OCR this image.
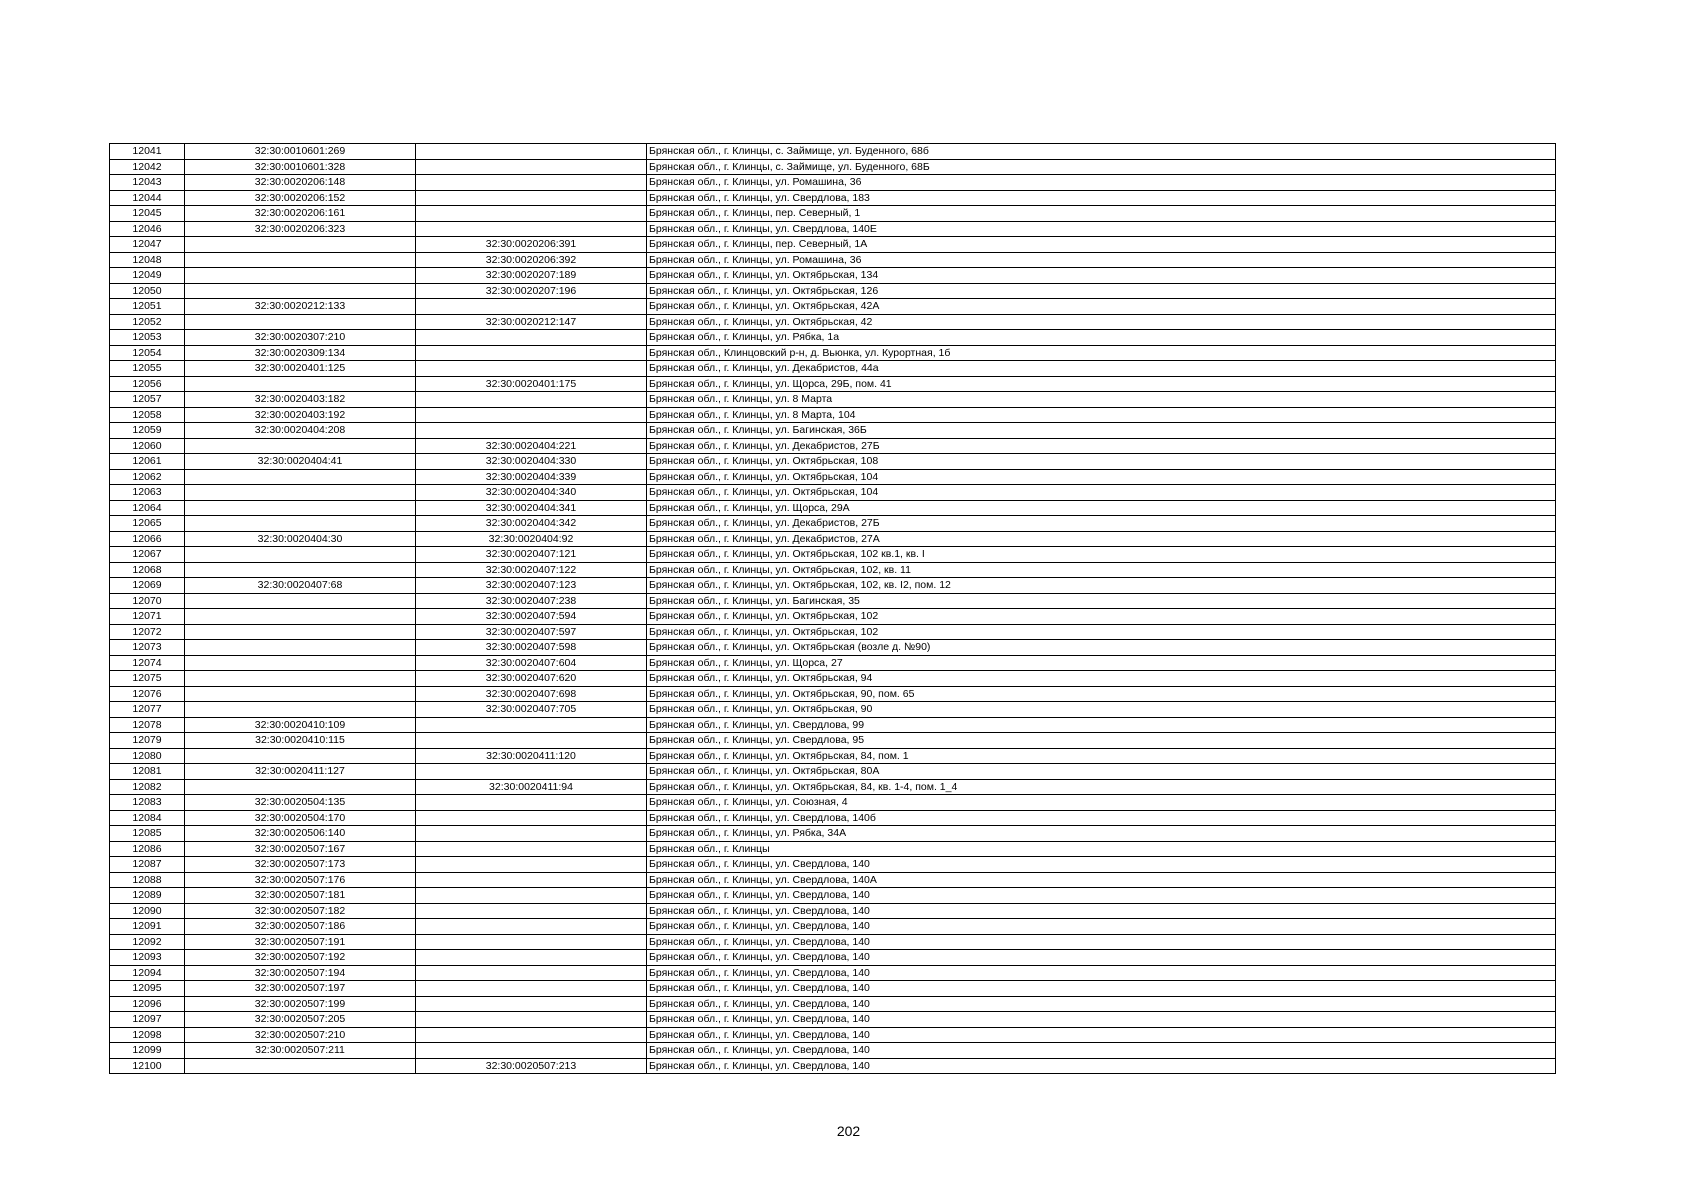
12041	32:30:0010601:269		Брянская обл., г. Клинцы, с. Займище, ул. Буденного, 68б
12042	32:30:0010601:328		Брянская обл., г. Клинцы, с. Займище, ул. Буденного, 68Б
12043	32:30:0020206:148		Брянская обл., г. Клинцы, ул. Ромашина, 36
12044	32:30:0020206:152		Брянская обл., г. Клинцы, ул. Свердлова, 183
12045	32:30:0020206:161		Брянская обл., г. Клинцы, пер. Северный, 1
12046	32:30:0020206:323		Брянская обл., г. Клинцы, ул. Свердлова, 140Е
12047		32:30:0020206:391	Брянская обл., г. Клинцы, пер. Северный, 1А
12048		32:30:0020206:392	Брянская обл., г. Клинцы, ул. Ромашина, 36
12049		32:30:0020207:189	Брянская обл., г. Клинцы, ул. Октябрьская, 134
12050		32:30:0020207:196	Брянская обл., г. Клинцы, ул. Октябрьская, 126
12051	32:30:0020212:133		Брянская обл., г. Клинцы, ул. Октябрьская, 42А
12052		32:30:0020212:147	Брянская обл., г. Клинцы, ул. Октябрьская, 42
12053	32:30:0020307:210		Брянская обл., г. Клинцы, ул. Рябка, 1а
12054	32:30:0020309:134		Брянская обл., Клинцовский р-н, д. Вьюнка, ул. Курортная, 1б
12055	32:30:0020401:125		Брянская обл., г. Клинцы, ул. Декабристов, 44а
12056		32:30:0020401:175	Брянская обл., г. Клинцы, ул. Щорса, 29Б, пом. 41
12057	32:30:0020403:182		Брянская обл., г. Клинцы, ул. 8 Марта
12058	32:30:0020403:192		Брянская обл., г. Клинцы, ул. 8 Марта, 104
12059	32:30:0020404:208		Брянская обл., г. Клинцы, ул. Багинская, 36Б
12060		32:30:0020404:221	Брянская обл., г. Клинцы, ул. Декабристов, 27Б
12061	32:30:0020404:41	32:30:0020404:330	Брянская обл., г. Клинцы, ул. Октябрьская, 108
12062		32:30:0020404:339	Брянская обл., г. Клинцы, ул. Октябрьская, 104
12063		32:30:0020404:340	Брянская обл., г. Клинцы, ул. Октябрьская, 104
12064		32:30:0020404:341	Брянская обл., г. Клинцы, ул. Щорса, 29А
12065		32:30:0020404:342	Брянская обл., г. Клинцы, ул. Декабристов, 27Б
12066	32:30:0020404:30	32:30:0020404:92	Брянская обл., г. Клинцы, ул. Декабристов, 27А
12067		32:30:0020407:121	Брянская обл., г. Клинцы, ул. Октябрьская, 102 кв.1, кв. I
12068		32:30:0020407:122	Брянская обл., г. Клинцы, ул. Октябрьская, 102, кв. 11
12069	32:30:0020407:68	32:30:0020407:123	Брянская обл., г. Клинцы, ул. Октябрьская, 102, кв. I2, пом. 12
12070		32:30:0020407:238	Брянская обл., г. Клинцы, ул. Багинская, 35
12071		32:30:0020407:594	Брянская обл., г. Клинцы, ул. Октябрьская, 102
12072		32:30:0020407:597	Брянская обл., г. Клинцы, ул. Октябрьская, 102
12073		32:30:0020407:598	Брянская обл., г. Клинцы, ул. Октябрьская (возле д. №90)
12074		32:30:0020407:604	Брянская обл., г. Клинцы, ул. Щорса, 27
12075		32:30:0020407:620	Брянская обл., г. Клинцы, ул. Октябрьская, 94
12076		32:30:0020407:698	Брянская обл., г. Клинцы, ул. Октябрьская, 90, пом. 65
12077		32:30:0020407:705	Брянская обл., г. Клинцы, ул. Октябрьская, 90
12078	32:30:0020410:109		Брянская обл., г. Клинцы, ул. Свердлова, 99
12079	32:30:0020410:115		Брянская обл., г. Клинцы, ул. Свердлова, 95
12080		32:30:0020411:120	Брянская обл., г. Клинцы, ул. Октябрьская, 84, пом. 1
12081	32:30:0020411:127		Брянская обл., г. Клинцы, ул. Октябрьская, 80А
12082		32:30:0020411:94	Брянская обл., г. Клинцы, ул. Октябрьская, 84, кв. 1-4, пом. 1_4
12083	32:30:0020504:135		Брянская обл., г. Клинцы, ул. Союзная, 4
12084	32:30:0020504:170		Брянская обл., г. Клинцы, ул. Свердлова, 140б
12085	32:30:0020506:140		Брянская обл., г. Клинцы, ул. Рябка, 34А
12086	32:30:0020507:167		Брянская обл., г. Клинцы
12087	32:30:0020507:173		Брянская обл., г. Клинцы, ул. Свердлова, 140
12088	32:30:0020507:176		Брянская обл., г. Клинцы, ул. Свердлова, 140А
12089	32:30:0020507:181		Брянская обл., г. Клинцы, ул. Свердлова, 140
12090	32:30:0020507:182		Брянская обл., г. Клинцы, ул. Свердлова, 140
12091	32:30:0020507:186		Брянская обл., г. Клинцы, ул. Свердлова, 140
12092	32:30:0020507:191		Брянская обл., г. Клинцы, ул. Свердлова, 140
12093	32:30:0020507:192		Брянская обл., г. Клинцы, ул. Свердлова, 140
12094	32:30:0020507:194		Брянская обл., г. Клинцы, ул. Свердлова, 140
12095	32:30:0020507:197		Брянская обл., г. Клинцы, ул. Свердлова, 140
12096	32:30:0020507:199		Брянская обл., г. Клинцы, ул. Свердлова, 140
12097	32:30:0020507:205		Брянская обл., г. Клинцы, ул. Свердлова, 140
12098	32:30:0020507:210		Брянская обл., г. Клинцы, ул. Свердлова, 140
12099	32:30:0020507:211		Брянская обл., г. Клинцы, ул. Свердлова, 140
12100		32:30:0020507:213	Брянская обл., г. Клинцы, ул. Свердлова, 140
202
